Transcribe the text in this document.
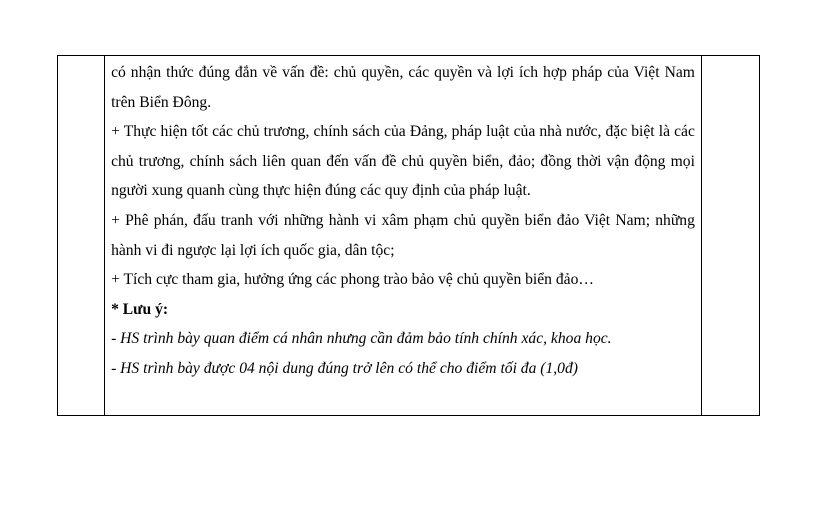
có nhận thức đúng đắn về vấn đề: chủ quyền, các quyền và lợi ích hợp pháp của Việt Nam trên Biển Đông.

+ Thực hiện tốt các chủ trương, chính sách của Đảng, pháp luật của nhà nước, đặc biệt là các chủ trương, chính sách liên quan đến vấn đề chủ quyền biển, đảo; đồng thời vận động mọi người xung quanh cùng thực hiện đúng các quy định của pháp luật.

+ Phê phán, đấu tranh với những hành vi xâm phạm chủ quyền biển đảo Việt Nam; những hành vi đi ngược lại lợi ích quốc gia, dân tộc;

+ Tích cực tham gia, hưởng ứng các phong trào bảo vệ chủ quyền biển đảo…

* Lưu ý:

- HS trình bày quan điểm cá nhân nhưng cần đảm bảo tính chính xác, khoa học.

- HS trình bày được 04 nội dung đúng trở lên có thể cho điểm tối đa (1,0đ)
